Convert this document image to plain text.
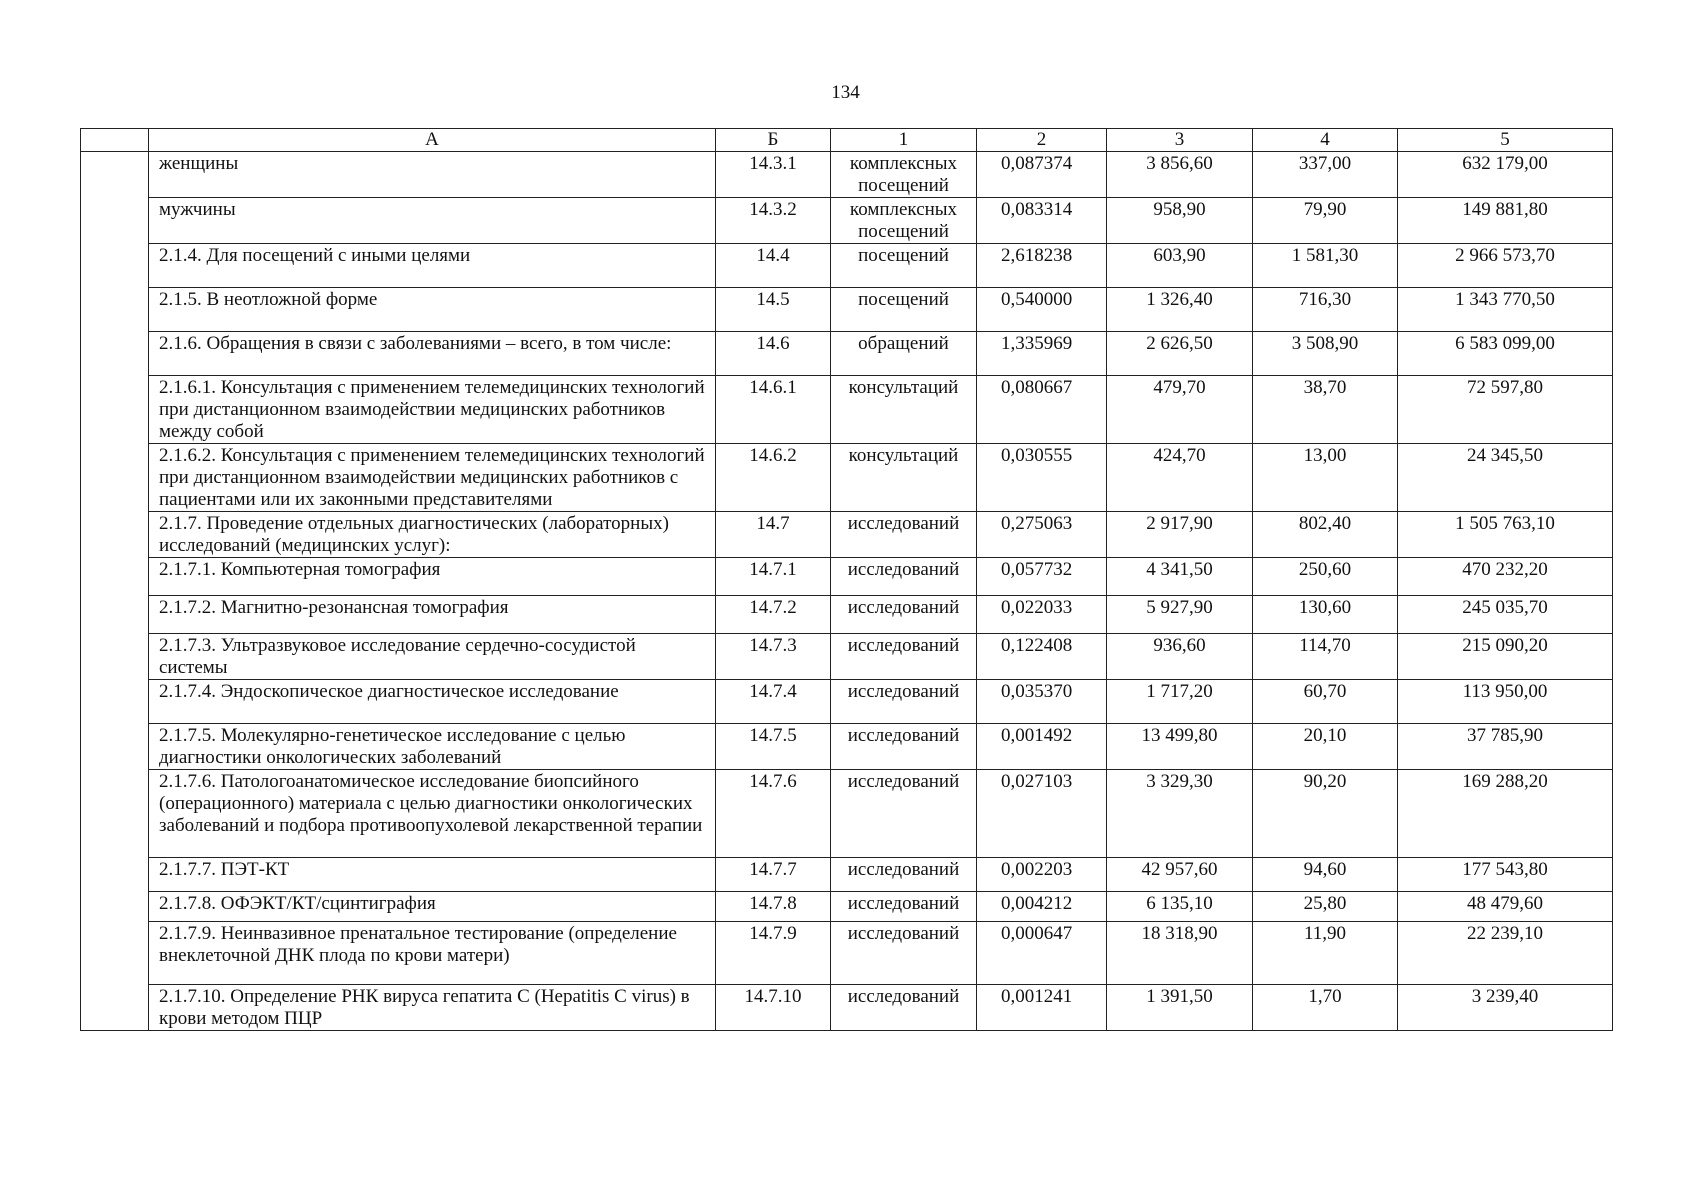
134
	А	Б	1	2	3	4	5
	женщины	14.3.1	комплексных посещений	0,087374	3 856,60	337,00	632 179,00
	мужчины	14.3.2	комплексных посещений	0,083314	958,90	79,90	149 881,80
	2.1.4. Для посещений с иными целями	14.4	посещений	2,618238	603,90	1 581,30	2 966 573,70
	2.1.5. В неотложной форме	14.5	посещений	0,540000	1 326,40	716,30	1 343 770,50
	2.1.6. Обращения в связи с заболеваниями – всего, в том числе:	14.6	обращений	1,335969	2 626,50	3 508,90	6 583 099,00
	2.1.6.1. Консультация с применением телемедицинских технологий при дистанционном взаимодействии медицинских работников между собой	14.6.1	консультаций	0,080667	479,70	38,70	72 597,80
	2.1.6.2. Консультация с применением телемедицинских технологий при дистанционном взаимодействии медицинских работников с пациентами или их законными представителями	14.6.2	консультаций	0,030555	424,70	13,00	24 345,50
	2.1.7. Проведение отдельных диагностических (лабораторных) исследований (медицинских услуг):	14.7	исследований	0,275063	2 917,90	802,40	1 505 763,10
	2.1.7.1. Компьютерная томография	14.7.1	исследований	0,057732	4 341,50	250,60	470 232,20
	2.1.7.2. Магнитно-резонансная томография	14.7.2	исследований	0,022033	5 927,90	130,60	245 035,70
	2.1.7.3. Ультразвуковое исследование сердечно-сосудистой системы	14.7.3	исследований	0,122408	936,60	114,70	215 090,20
	2.1.7.4. Эндоскопическое диагностическое исследование	14.7.4	исследований	0,035370	1 717,20	60,70	113 950,00
	2.1.7.5. Молекулярно-генетическое исследование с целью диагностики онкологических заболеваний	14.7.5	исследований	0,001492	13 499,80	20,10	37 785,90
	2.1.7.6. Патологоанатомическое исследование биопсийного (операционного) материала с целью диагностики онкологических заболеваний и подбора противоопухолевой лекарственной терапии	14.7.6	исследований	0,027103	3 329,30	90,20	169 288,20
	2.1.7.7. ПЭТ-КТ	14.7.7	исследований	0,002203	42 957,60	94,60	177 543,80
	2.1.7.8. ОФЭКТ/КТ/сцинтиграфия	14.7.8	исследований	0,004212	6 135,10	25,80	48 479,60
	2.1.7.9. Неинвазивное пренатальное тестирование (определение внеклеточной ДНК плода по крови матери)	14.7.9	исследований	0,000647	18 318,90	11,90	22 239,10
	2.1.7.10. Определение РНК вируса гепатита C (Hepatitis C virus) в крови методом ПЦР	14.7.10	исследований	0,001241	1 391,50	1,70	3 239,40
